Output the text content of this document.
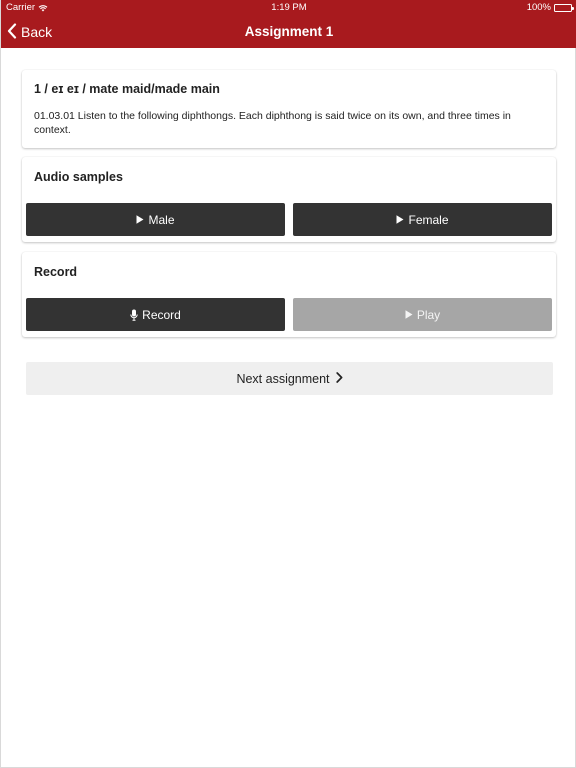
Carrier	1:19 PM	100%
Back	Assignment 1
1 / eɪ eɪ / mate maid/made main
01.03.01 Listen to the following diphthongs. Each diphthong is said twice on its own, and three times in context.
Audio samples
Male	Female
Record
Record	Play
Next assignment
